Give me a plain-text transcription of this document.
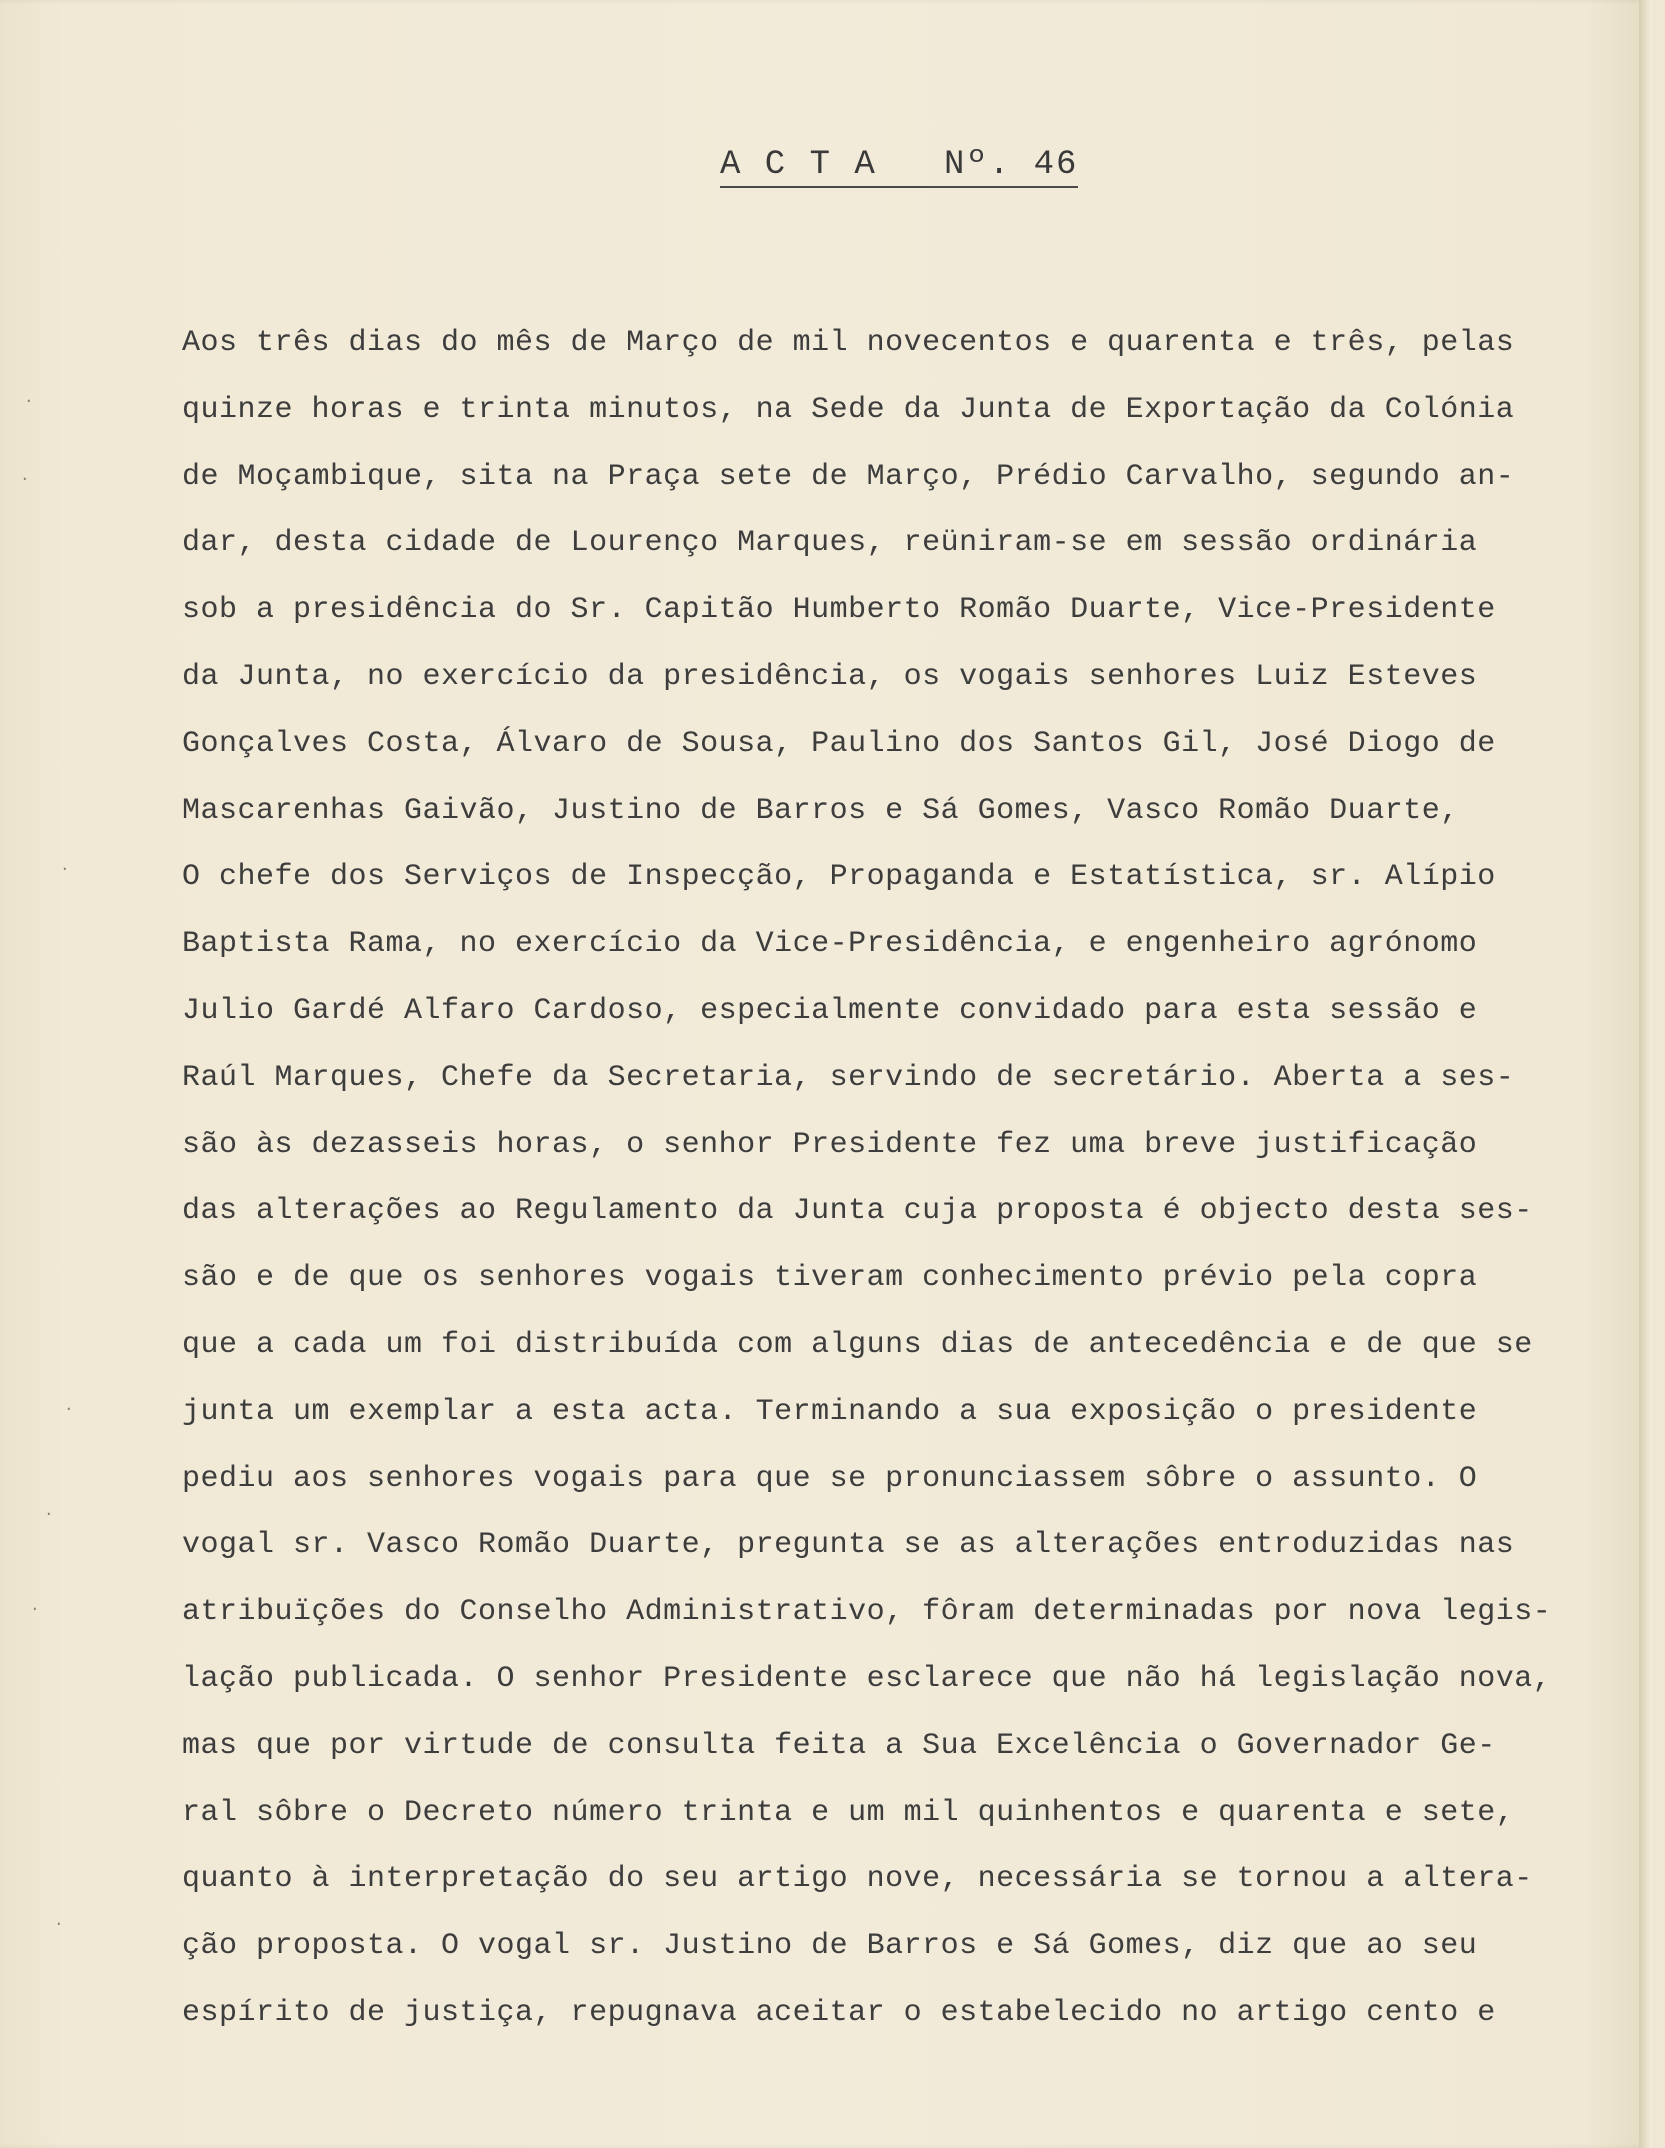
·
·
·
·
·
·
·
A C T A   Nº. 46
Aos três dias do mês de Março de mil novecentos e quarenta e três, pelas
quinze horas e trinta minutos, na Sede da Junta de Exportação da Colónia
de Moçambique, sita na Praça sete de Março, Prédio Carvalho, segundo an-
dar, desta cidade de Lourenço Marques, reüniram-se em sessão ordinária
sob a presidência do Sr. Capitão Humberto Romão Duarte, Vice-Presidente
da Junta, no exercício da presidência, os vogais senhores Luiz Esteves
Gonçalves Costa, Álvaro de Sousa, Paulino dos Santos Gil, José Diogo de
Mascarenhas Gaivão, Justino de Barros e Sá Gomes, Vasco Romão Duarte,
O chefe dos Serviços de Inspecção, Propaganda e Estatística, sr. Alípio
Baptista Rama, no exercício da Vice-Presidência, e engenheiro agrónomo
Julio Gardé Alfaro Cardoso, especialmente convidado para esta sessão e
Raúl Marques, Chefe da Secretaria, servindo de secretário. Aberta a ses-
são às dezasseis horas, o senhor Presidente fez uma breve justificação
das alterações ao Regulamento da Junta cuja proposta é objecto desta ses-
são e de que os senhores vogais tiveram conhecimento prévio pela copra
que a cada um foi distribuída com alguns dias de antecedência e de que se
junta um exemplar a esta acta. Terminando a sua exposição o presidente
pediu aos senhores vogais para que se pronunciassem sôbre o assunto. O
vogal sr. Vasco Romão Duarte, pregunta se as alterações entroduzidas nas
atribuïções do Conselho Administrativo, fôram determinadas por nova legis-
lação publicada. O senhor Presidente esclarece que não há legislação nova,
mas que por virtude de consulta feita a Sua Excelência o Governador Ge-
ral sôbre o Decreto número trinta e um mil quinhentos e quarenta e sete,
quanto à interpretação do seu artigo nove, necessária se tornou a altera-
ção proposta. O vogal sr. Justino de Barros e Sá Gomes, diz que ao seu
espírito de justiça, repugnava aceitar o estabelecido no artigo cento e
